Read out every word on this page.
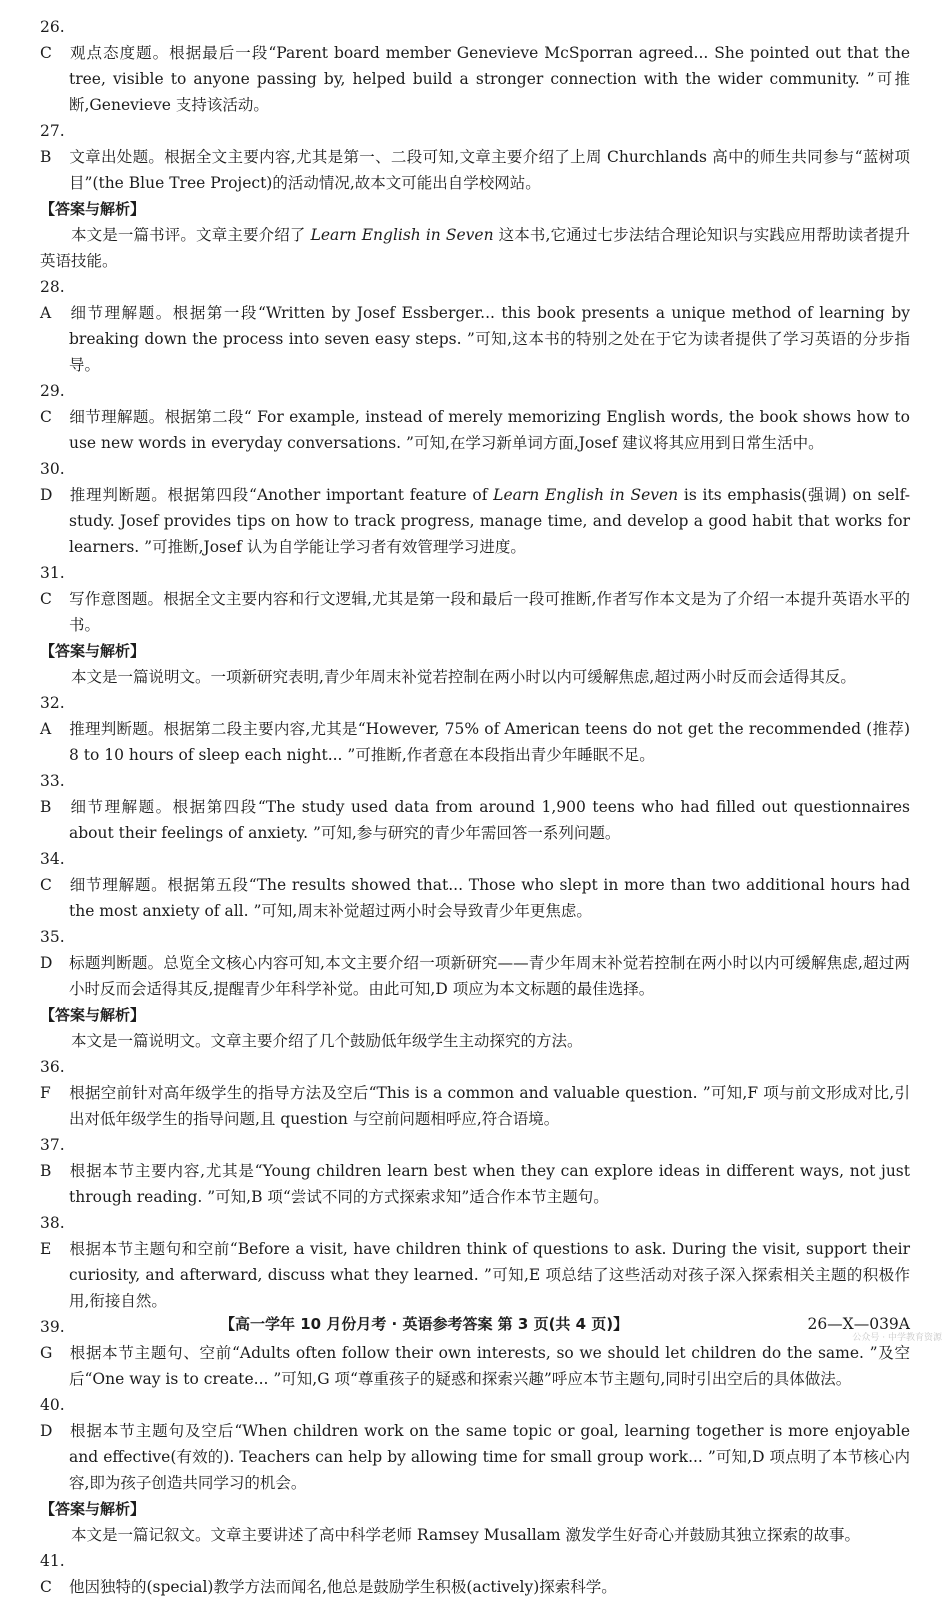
26. C 观点态度题。根据最后一段“Parent board member Genevieve McSporran agreed... She pointed out that the tree, visible to anyone passing by, helped build a stronger connection with the wider community. ”可推断,Genevieve 支持该活动。

27. B 文章出处题。根据全文主要内容,尤其是第一、二段可知,文章主要介绍了上周 Churchlands 高中的师生共同参与“蓝树项目”(the Blue Tree Project)的活动情况,故本文可能出自学校网站。

【答案与解析】

本文是一篇书评。文章主要介绍了 Learn English in Seven 这本书,它通过七步法结合理论知识与实践应用帮助读者提升英语技能。

28. A 细节理解题。根据第一段“Written by Josef Essberger... this book presents a unique method of learning by breaking down the process into seven easy steps. ”可知,这本书的特别之处在于它为读者提供了学习英语的分步指导。

29. C 细节理解题。根据第二段“ For example, instead of merely memorizing English words, the book shows how to use new words in everyday conversations. ”可知,在学习新单词方面,Josef 建议将其应用到日常生活中。

30. D 推理判断题。根据第四段“Another important feature of Learn English in Seven is its emphasis(强调) on self-study. Josef provides tips on how to track progress, manage time, and develop a good habit that works for learners. ”可推断,Josef 认为自学能让学习者有效管理学习进度。

31. C 写作意图题。根据全文主要内容和行文逻辑,尤其是第一段和最后一段可推断,作者写作本文是为了介绍一本提升英语水平的书。

【答案与解析】

本文是一篇说明文。一项新研究表明,青少年周末补觉若控制在两小时以内可缓解焦虑,超过两小时反而会适得其反。

32. A 推理判断题。根据第二段主要内容,尤其是“However, 75% of American teens do not get the recommended (推荐) 8 to 10 hours of sleep each night... ”可推断,作者意在本段指出青少年睡眠不足。

33. B 细节理解题。根据第四段“The study used data from around 1,900 teens who had filled out questionnaires about their feelings of anxiety. ”可知,参与研究的青少年需回答一系列问题。

34. C 细节理解题。根据第五段“The results showed that... Those who slept in more than two additional hours had the most anxiety of all. ”可知,周末补觉超过两小时会导致青少年更焦虑。

35. D 标题判断题。总览全文核心内容可知,本文主要介绍一项新研究——青少年周末补觉若控制在两小时以内可缓解焦虑,超过两小时反而会适得其反,提醒青少年科学补觉。由此可知,D 项应为本文标题的最佳选择。

【答案与解析】

本文是一篇说明文。文章主要介绍了几个鼓励低年级学生主动探究的方法。

36. F 根据空前针对高年级学生的指导方法及空后“This is a common and valuable question. ”可知,F 项与前文形成对比,引出对低年级学生的指导问题,且 question 与空前问题相呼应,符合语境。

37. B 根据本节主要内容,尤其是“Young children learn best when they can explore ideas in different ways, not just through reading. ”可知,B 项“尝试不同的方式探索求知”适合作本节主题句。

38. E 根据本节主题句和空前“Before a visit, have children think of questions to ask. During the visit, support their curiosity, and afterward, discuss what they learned. ”可知,E 项总结了这些活动对孩子深入探索相关主题的积极作用,衔接自然。

39. G 根据本节主题句、空前“Adults often follow their own interests, so we should let children do the same. ”及空后“One way is to create... ”可知,G 项“尊重孩子的疑惑和探索兴趣”呼应本节主题句,同时引出空后的具体做法。

40. D 根据本节主题句及空后“When children work on the same topic or goal, learning together is more enjoyable and effective(有效的). Teachers can help by allowing time for small group work... ”可知,D 项点明了本节核心内容,即为孩子创造共同学习的机会。

【答案与解析】

本文是一篇记叙文。文章主要讲述了高中科学老师 Ramsey Musallam 激发学生好奇心并鼓励其独立探索的故事。

41. C 他因独特的(special)教学方法而闻名,他总是鼓励学生积极(actively)探索科学。

【高一学年 10 月份月考 · 英语参考答案 第 3 页(共 4 页)】	26—X—039A
公众号 · 中学教育资源
